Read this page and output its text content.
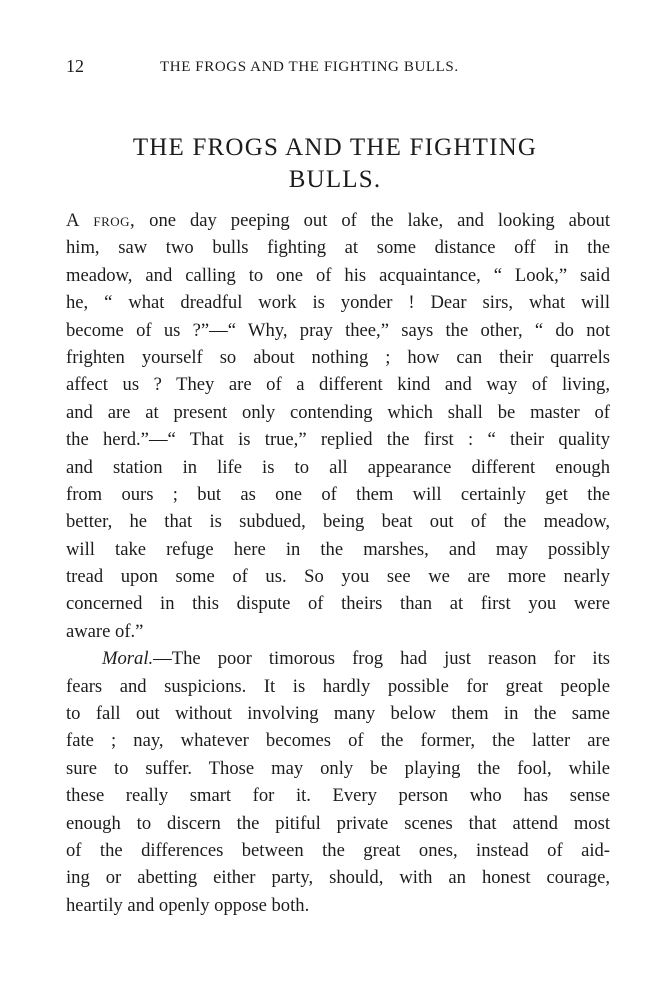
12	THE FROGS AND THE FIGHTING BULLS.
THE FROGS AND THE FIGHTING
BULLS.
A frog, one day peeping out of the lake, and looking about
him, saw two bulls fighting at some distance off in the
meadow, and calling to one of his acquaintance, “ Look,” said
he, “ what dreadful work is yonder ! Dear sirs, what will
become of us ?”—“ Why, pray thee,” says the other, “ do not
frighten yourself so about nothing ; how can their quarrels
affect us ? They are of a different kind and way of living,
and are at present only contending which shall be master of
the herd.”—“ That is true,” replied the first : “ their quality
and station in life is to all appearance different enough
from ours ; but as one of them will certainly get the
better, he that is subdued, being beat out of the meadow,
will take refuge here in the marshes, and may possibly
tread upon some of us. So you see we are more nearly
concerned in this dispute of theirs than at first you were
aware of.”
Moral.—The poor timorous frog had just reason for its
fears and suspicions. It is hardly possible for great people
to fall out without involving many below them in the same
fate ; nay, whatever becomes of the former, the latter are
sure to suffer. Those may only be playing the fool, while
these really smart for it. Every person who has sense
enough to discern the pitiful private scenes that attend most
of the differences between the great ones, instead of aid-
ing or abetting either party, should, with an honest courage,
heartily and openly oppose both.
